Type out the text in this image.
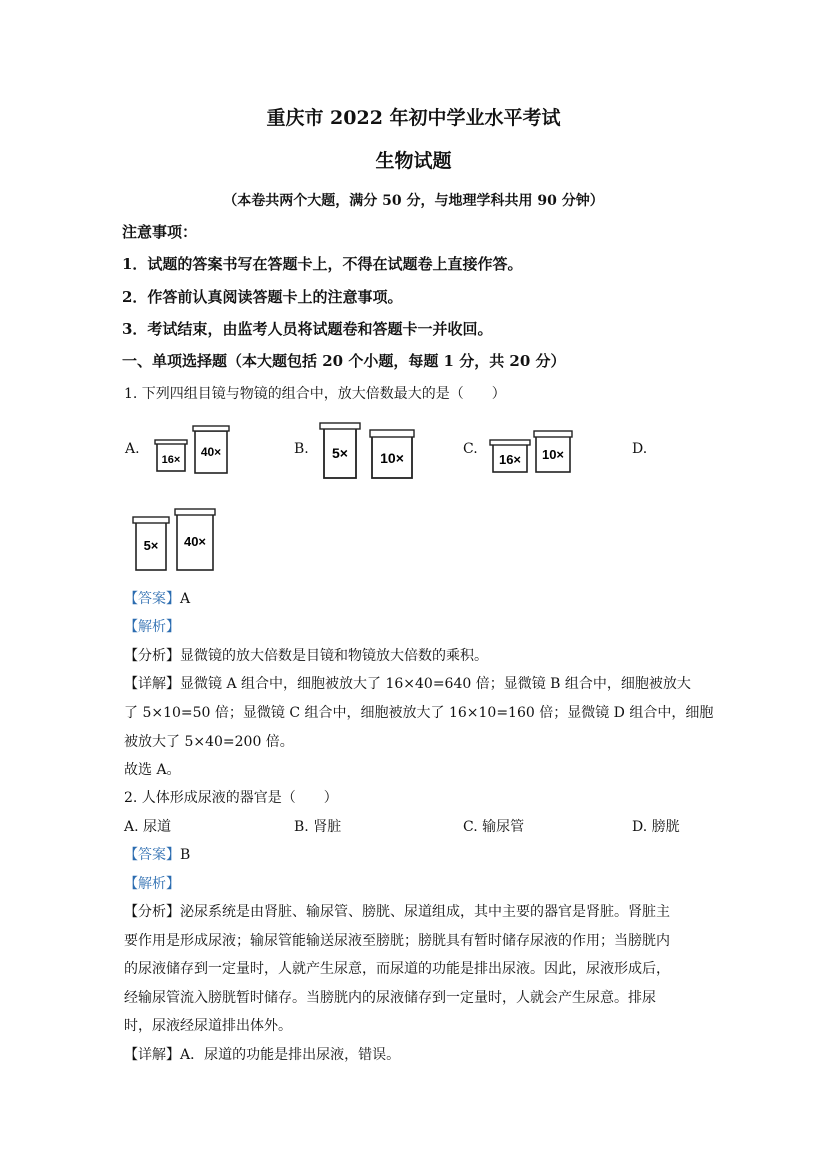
重庆市 2022 年初中学业水平考试
生物试题
（本卷共两个大题，满分 50 分，与地理学科共用 90 分钟）
注意事项：
1．试题的答案书写在答题卡上，不得在试题卷上直接作答。
2．作答前认真阅读答题卡上的注意事项。
3．考试结束，由监考人员将试题卷和答题卡一并收回。
一、单项选择题（本大题包括 20 个小题，每题 1 分，共 20 分）
1. 下列四组目镜与物镜的组合中，放大倍数最大的是（　　）
A.
16×
40×	B. 5× 10×
C.
16× 10×	D.
5× 40×
【答案】A
【解析】
【分析】显微镜的放大倍数是目镜和物镜放大倍数的乘积。
【详解】显微镜 A 组合中，细胞被放大了 16×40=640 倍；显微镜 B 组合中，细胞被放大
了 5×10=50 倍；显微镜 C 组合中，细胞被放大了 16×10=160 倍；显微镜 D 组合中，细胞
被放大了 5×40=200 倍。
故选 A。
2. 人体形成尿液的器官是（　　）
A. 尿道	B. 肾脏	C. 输尿管	D. 膀胱
【答案】B
【解析】
【分析】泌尿系统是由肾脏、输尿管、膀胱、尿道组成，其中主要的器官是肾脏。肾脏主
要作用是形成尿液；输尿管能输送尿液至膀胱；膀胱具有暂时储存尿液的作用；当膀胱内
的尿液储存到一定量时，人就产生尿意，而尿道的功能是排出尿液。因此，尿液形成后，
经输尿管流入膀胱暂时储存。当膀胱内的尿液储存到一定量时，人就会产生尿意。排尿
时，尿液经尿道排出体外。
【详解】A．尿道的功能是排出尿液，错误。
